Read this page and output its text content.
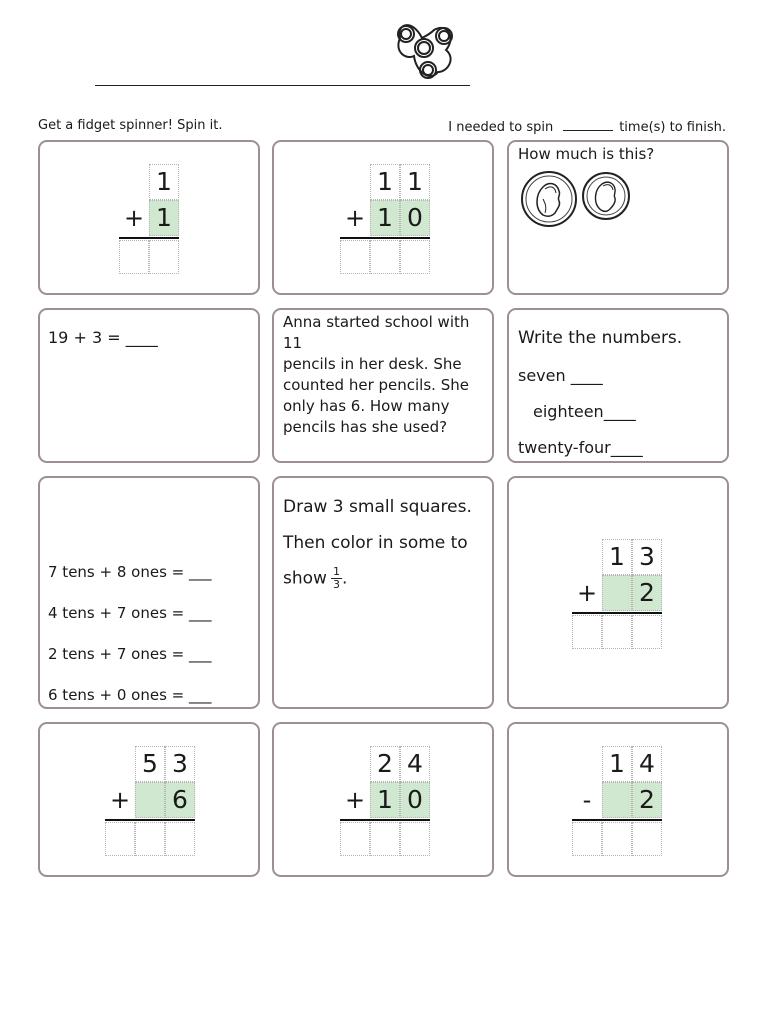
Get a fidget spinner! Spin it.	I needed to spin	time(s) to finish.
1
+ 1
1 1
+ 1 0
How much is this?
19 + 3 = ____
Anna started school with 11
pencils in her desk. She
counted her pencils. She
only has 6. How many
pencils has she used?
Write the numbers.
seven ____
eighteen____
twenty-four____
7 tens + 8 ones = ___
4 tens + 7 ones = ___
2 tens + 7 ones = ___
6 tens + 0 ones = ___
Draw 3 small squares.
Then color in some to
show $\frac{1}{3}$ .
1 3
+ 2
5 3
+ 6
2 4
+ 1 0
1 4
-	2
